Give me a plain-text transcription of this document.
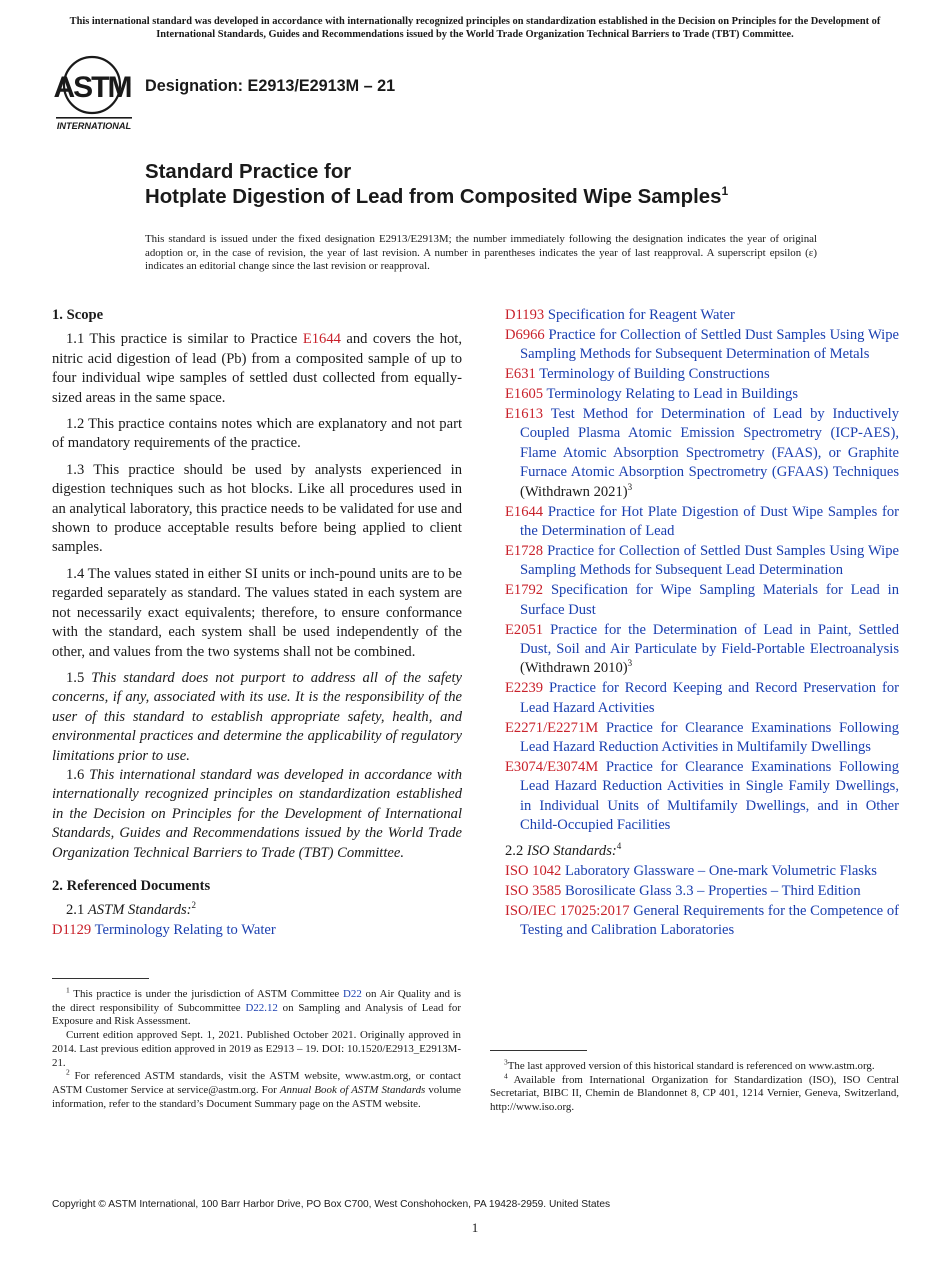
This international standard was developed in accordance with internationally recognized principles on standardization established in the Decision on Principles for the Development of International Standards, Guides and Recommendations issued by the World Trade Organization Technical Barriers to Trade (TBT) Committee.
ASTM
INTERNATIONAL
Designation: E2913/E2913M – 21
Standard Practice for
Hotplate Digestion of Lead from Composited Wipe Samples$^1$
This standard is issued under the fixed designation E2913/E2913M; the number immediately following the designation indicates the year of original adoption or, in the case of revision, the year of last revision. A number in parentheses indicates the year of last reapproval. A superscript epsilon (ε) indicates an editorial change since the last revision or reapproval.
1. Scope

1.1 This practice is similar to Practice E1644 and covers the hot, nitric acid digestion of lead (Pb) from a composited sample of up to four individual wipe samples of settled dust collected from equally-sized areas in the same space.

1.2 This practice contains notes which are explanatory and not part of mandatory requirements of the practice.

1.3 This practice should be used by analysts experienced in digestion techniques such as hot blocks. Like all procedures used in an analytical laboratory, this practice needs to be validated for use and shown to produce acceptable results before being applied to client samples.

1.4 The values stated in either SI units or inch-pound units are to be regarded separately as standard. The values stated in each system are not necessarily exact equivalents; therefore, to ensure conformance with the standard, each system shall be used independently of the other, and values from the two systems shall not be combined.

1.5 This standard does not purport to address all of the safety concerns, if any, associated with its use. It is the responsibility of the user of this standard to establish appropriate safety, health, and environmental practices and determine the applicability of regulatory limitations prior to use.

1.6 This international standard was developed in accordance with internationally recognized principles on standardization established in the Decision on Principles for the Development of International Standards, Guides and Recommendations issued by the World Trade Organization Technical Barriers to Trade (TBT) Committee.

2. Referenced Documents
2.1 ASTM Standards:$^2$
D1129 Terminology Relating to Water
D1193 Specification for Reagent Water
D6966 Practice for Collection of Settled Dust Samples Using Wipe Sampling Methods for Subsequent Determination of Metals
E631 Terminology of Building Constructions
E1605 Terminology Relating to Lead in Buildings
E1613 Test Method for Determination of Lead by Inductively Coupled Plasma Atomic Emission Spectrometry (ICP-AES), Flame Atomic Absorption Spectrometry (FAAS), or Graphite Furnace Atomic Absorption Spectrometry (GFAAS) Techniques (Withdrawn 2021)$^3$
E1644 Practice for Hot Plate Digestion of Dust Wipe Samples for the Determination of Lead
E1728 Practice for Collection of Settled Dust Samples Using Wipe Sampling Methods for Subsequent Lead Determination
E1792 Specification for Wipe Sampling Materials for Lead in Surface Dust
E2051 Practice for the Determination of Lead in Paint, Settled Dust, Soil and Air Particulate by Field-Portable Electroanalysis (Withdrawn 2010)$^3$
E2239 Practice for Record Keeping and Record Preservation for Lead Hazard Activities
E2271/E2271M Practice for Clearance Examinations Following Lead Hazard Reduction Activities in Multifamily Dwellings
E3074/E3074M Practice for Clearance Examinations Following Lead Hazard Reduction Activities in Single Family Dwellings, in Individual Units of Multifamily Dwellings, and in Other Child-Occupied Facilities
2.2 ISO Standards:$^4$
ISO 1042 Laboratory Glassware – One-mark Volumetric Flasks
ISO 3585 Borosilicate Glass 3.3 – Properties – Third Edition
ISO/IEC 17025:2017 General Requirements for the Competence of Testing and Calibration Laboratories

$^1$ This practice is under the jurisdiction of ASTM Committee D22 on Air Quality and is the direct responsibility of Subcommittee D22.12 on Sampling and Analysis of Lead for Exposure and Risk Assessment.

Current edition approved Sept. 1, 2021. Published October 2021. Originally approved in 2014. Last previous edition approved in 2019 as E2913 – 19. DOI: 10.1520/E2913_E2913M-21.

$^2$ For referenced ASTM standards, visit the ASTM website, www.astm.org, or contact ASTM Customer Service at service@astm.org. For Annual Book of ASTM Standards volume information, refer to the standard’s Document Summary page on the ASTM website.

$^3$The last approved version of this historical standard is referenced on www.astm.org.

$^4$ Available from International Organization for Standardization (ISO), ISO Central Secretariat, BIBC II, Chemin de Blandonnet 8, CP 401, 1214 Vernier, Geneva, Switzerland, http://www.iso.org.

Copyright © ASTM International, 100 Barr Harbor Drive, PO Box C700, West Conshohocken, PA 19428-2959. United States
1
